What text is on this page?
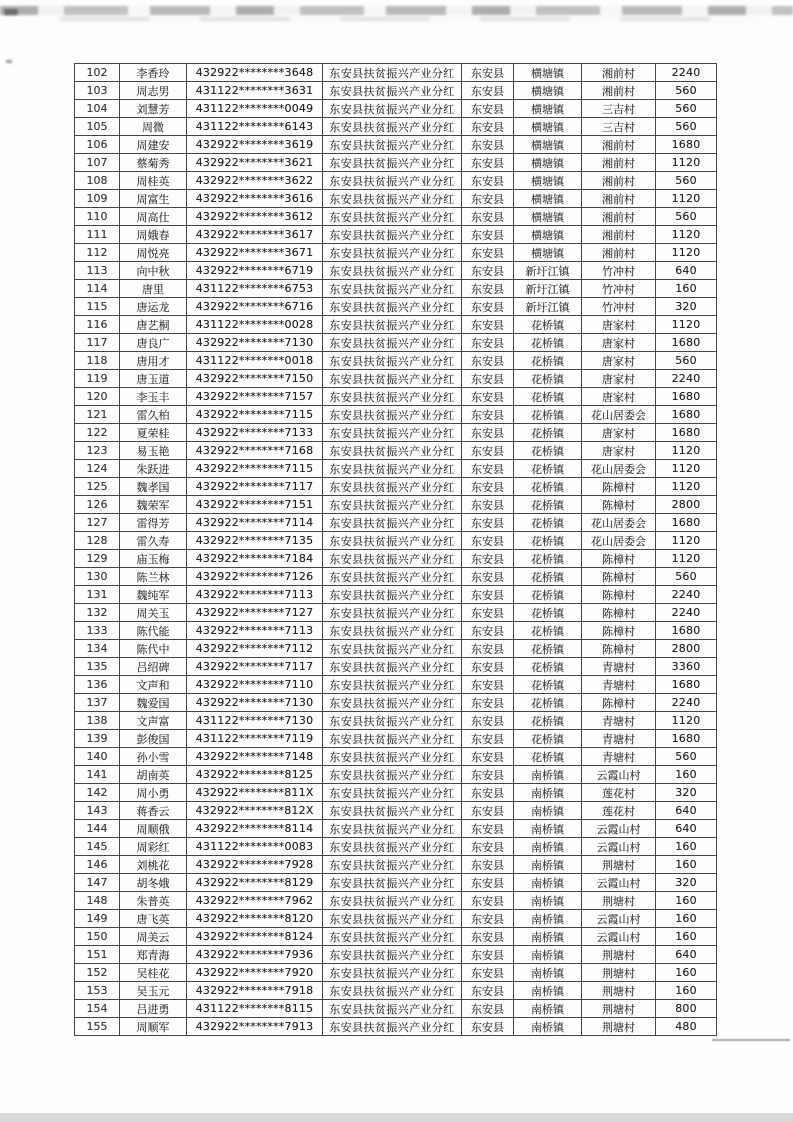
102	李香玲	432922********3648	东安县扶贫振兴产业分红	东安县	横塘镇	湘前村	2240
103	周志男	431122********3631	东安县扶贫振兴产业分红	东安县	横塘镇	湘前村	560
104	刘慧芳	431122********0049	东安县扶贫振兴产业分红	东安县	横塘镇	三吉村	560
105	周微	431122********6143	东安县扶贫振兴产业分红	东安县	横塘镇	三吉村	560
106	周建安	432922********3619	东安县扶贫振兴产业分红	东安县	横塘镇	湘前村	1680
107	蔡菊秀	432922********3621	东安县扶贫振兴产业分红	东安县	横塘镇	湘前村	1120
108	周桂英	432922********3622	东安县扶贫振兴产业分红	东安县	横塘镇	湘前村	560
109	周富生	432922********3616	东安县扶贫振兴产业分红	东安县	横塘镇	湘前村	1120
110	周高仕	432922********3612	东安县扶贫振兴产业分红	东安县	横塘镇	湘前村	560
111	周娥春	432922********3617	东安县扶贫振兴产业分红	东安县	横塘镇	湘前村	1120
112	周悦亮	432922********3671	东安县扶贫振兴产业分红	东安县	横塘镇	湘前村	1120
113	向中秋	432922********6719	东安县扶贫振兴产业分红	东安县	新圩江镇	竹冲村	640
114	唐里	431122********6753	东安县扶贫振兴产业分红	东安县	新圩江镇	竹冲村	160
115	唐运龙	432922********6716	东安县扶贫振兴产业分红	东安县	新圩江镇	竹冲村	320
116	唐艺桐	431122********0028	东安县扶贫振兴产业分红	东安县	花桥镇	唐家村	1120
117	唐良广	432922********7130	东安县扶贫振兴产业分红	东安县	花桥镇	唐家村	1680
118	唐用才	431122********0018	东安县扶贫振兴产业分红	东安县	花桥镇	唐家村	560
119	唐玉道	432922********7150	东安县扶贫振兴产业分红	东安县	花桥镇	唐家村	2240
120	李玉丰	432922********7157	东安县扶贫振兴产业分红	东安县	花桥镇	唐家村	1680
121	雷久柏	432922********7115	东安县扶贫振兴产业分红	东安县	花桥镇	花山居委会	1680
122	夏荣桂	432922********7133	东安县扶贫振兴产业分红	东安县	花桥镇	唐家村	1680
123	易玉艳	432922********7168	东安县扶贫振兴产业分红	东安县	花桥镇	唐家村	1120
124	朱跃进	432922********7115	东安县扶贫振兴产业分红	东安县	花桥镇	花山居委会	1120
125	魏孝国	432922********7117	东安县扶贫振兴产业分红	东安县	花桥镇	陈樟村	1120
126	魏荣军	432922********7151	东安县扶贫振兴产业分红	东安县	花桥镇	陈樟村	2800
127	雷得芳	432922********7114	东安县扶贫振兴产业分红	东安县	花桥镇	花山居委会	1680
128	雷久寿	432922********7135	东安县扶贫振兴产业分红	东安县	花桥镇	花山居委会	1120
129	庙玉梅	432922********7184	东安县扶贫振兴产业分红	东安县	花桥镇	陈樟村	1120
130	陈兰林	432922********7126	东安县扶贫振兴产业分红	东安县	花桥镇	陈樟村	560
131	魏纯军	432922********7113	东安县扶贫振兴产业分红	东安县	花桥镇	陈樟村	2240
132	周关玉	432922********7127	东安县扶贫振兴产业分红	东安县	花桥镇	陈樟村	2240
133	陈代能	432922********7113	东安县扶贫振兴产业分红	东安县	花桥镇	陈樟村	1680
134	陈代中	432922********7112	东安县扶贫振兴产业分红	东安县	花桥镇	陈樟村	2800
135	吕绍碑	432922********7117	东安县扶贫振兴产业分红	东安县	花桥镇	青塘村	3360
136	文声和	432922********7110	东安县扶贫振兴产业分红	东安县	花桥镇	青塘村	1680
137	魏爱国	432922********7130	东安县扶贫振兴产业分红	东安县	花桥镇	陈樟村	2240
138	文声富	431122********7130	东安县扶贫振兴产业分红	东安县	花桥镇	青塘村	1120
139	彭俊国	431122********7119	东安县扶贫振兴产业分红	东安县	花桥镇	青塘村	1680
140	孙小雪	432922********7148	东安县扶贫振兴产业分红	东安县	花桥镇	青塘村	560
141	胡南英	432922********8125	东安县扶贫振兴产业分红	东安县	南桥镇	云霞山村	160
142	周小勇	432922********811X	东安县扶贫振兴产业分红	东安县	南桥镇	莲花村	320
143	蒋香云	432922********812X	东安县扶贫振兴产业分红	东安县	南桥镇	莲花村	640
144	周顺俄	432922********8114	东安县扶贫振兴产业分红	东安县	南桥镇	云霞山村	640
145	周彩红	431122********0083	东安县扶贫振兴产业分红	东安县	南桥镇	云霞山村	160
146	刘桃花	432922********7928	东安县扶贫振兴产业分红	东安县	南桥镇	荆塘村	160
147	胡冬娥	432922********8129	东安县扶贫振兴产业分红	东安县	南桥镇	云霞山村	320
148	朱普英	432922********7962	东安县扶贫振兴产业分红	东安县	南桥镇	荆塘村	160
149	唐飞英	432922********8120	东安县扶贫振兴产业分红	东安县	南桥镇	云霞山村	160
150	周美云	432922********8124	东安县扶贫振兴产业分红	东安县	南桥镇	云霞山村	160
151	郑青海	432922********7936	东安县扶贫振兴产业分红	东安县	南桥镇	荆塘村	640
152	吴桂花	432922********7920	东安县扶贫振兴产业分红	东安县	南桥镇	荆塘村	160
153	吴玉元	432922********7918	东安县扶贫振兴产业分红	东安县	南桥镇	荆塘村	160
154	吕进勇	431122********8115	东安县扶贫振兴产业分红	东安县	南桥镇	荆塘村	800
155	周顺军	432922********7913	东安县扶贫振兴产业分红	东安县	南桥镇	荆塘村	480
